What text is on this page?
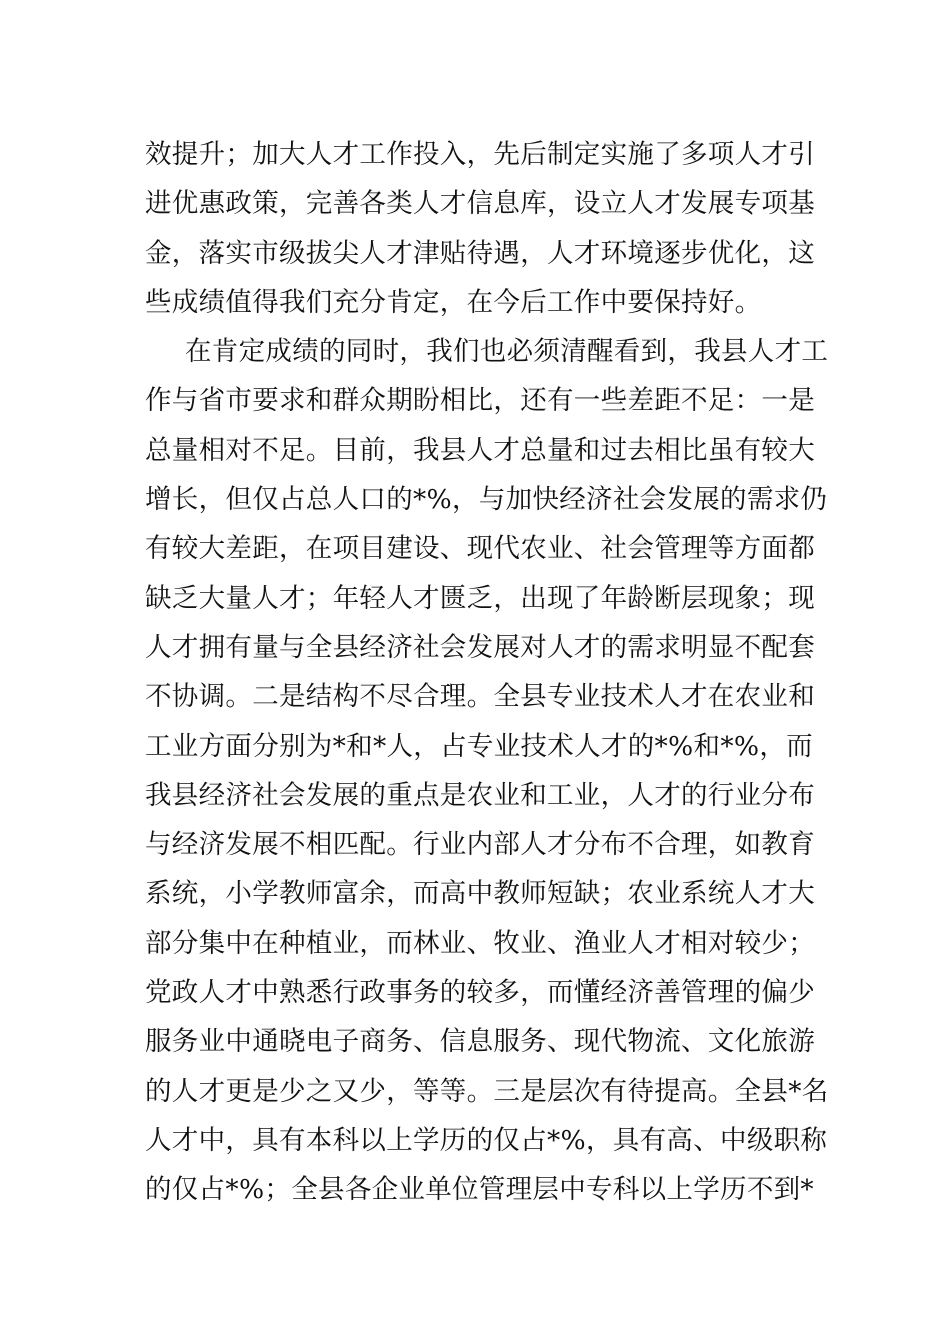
效提升；加大人才工作投入，先后制定实施了多项人才引
进优惠政策，完善各类人才信息库，设立人才发展专项基
金，落实市级拔尖人才津贴待遇，人才环境逐步优化，这
些成绩值得我们充分肯定，在今后工作中要保持好。
在肯定成绩的同时，我们也必须清醒看到，我县人才工
作与省市要求和群众期盼相比，还有一些差距不足：一是
总量相对不足。目前，我县人才总量和过去相比虽有较大
增长，但仅占总人口的*%，与加快经济社会发展的需求仍
有较大差距，在项目建设、现代农业、社会管理等方面都
缺乏大量人才；年轻人才匮乏，出现了年龄断层现象；现
人才拥有量与全县经济社会发展对人才的需求明显不配套
不协调。二是结构不尽合理。全县专业技术人才在农业和
工业方面分别为*和*人，占专业技术人才的*%和*%，而
我县经济社会发展的重点是农业和工业，人才的行业分布
与经济发展不相匹配。行业内部人才分布不合理，如教育
系统，小学教师富余，而高中教师短缺；农业系统人才大
部分集中在种植业，而林业、牧业、渔业人才相对较少；
党政人才中熟悉行政事务的较多，而懂经济善管理的偏少
服务业中通晓电子商务、信息服务、现代物流、文化旅游
的人才更是少之又少，等等。三是层次有待提高。全县*名
人才中，具有本科以上学历的仅占*%，具有高、中级职称
的仅占*%；全县各企业单位管理层中专科以上学历不到*
